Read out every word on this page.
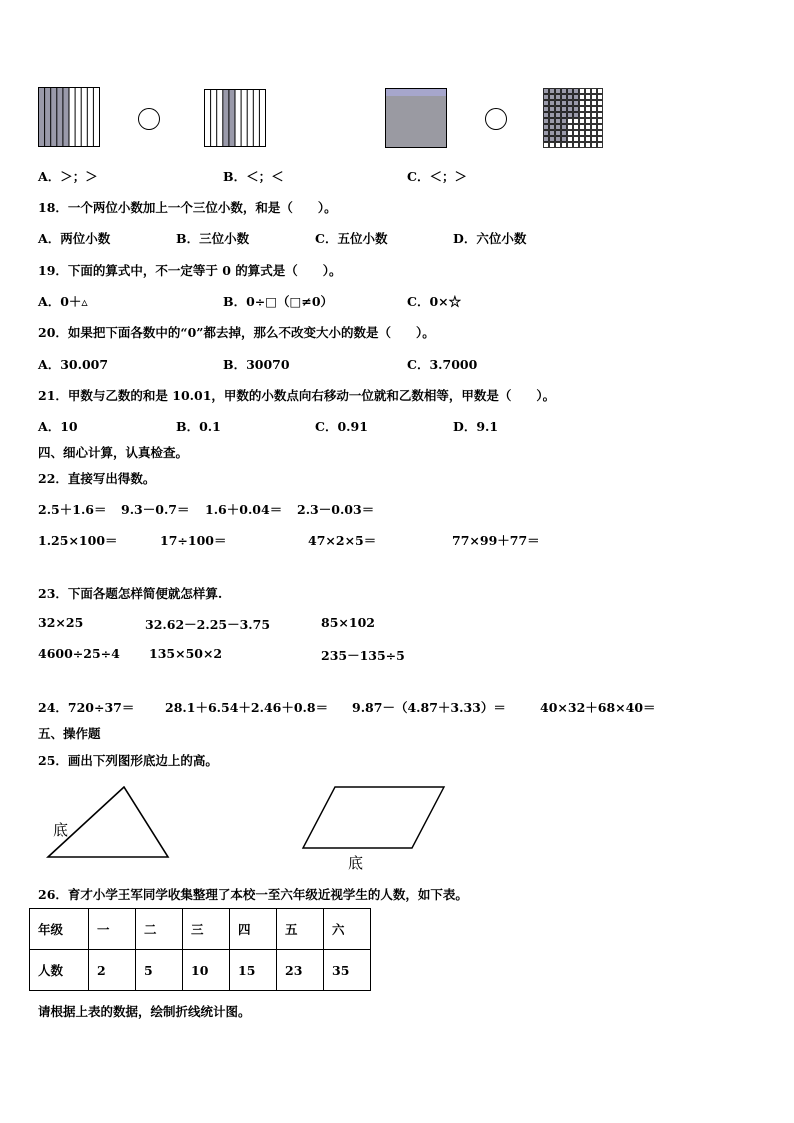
A．＞；＞	B．＜；＜	C．＜；＞
18．一个两位小数加上一个三位小数，和是（　　）。
A．两位小数	B．三位小数	C．五位小数	D．六位小数
19．下面的算式中，不一定等于 0 的算式是（　　）。
A．0＋▵	B．0÷□（□≠0）	C．0×☆
20．如果把下面各数中的“0”都去掉，那么不改变大小的数是（　　）。
A．30.007	B．30070	C．3.7000
21．甲数与乙数的和是 10.01，甲数的小数点向右移动一位就和乙数相等，甲数是（　　）。
A．10	B．0.1	C．0.91	D．9.1
四、细心计算，认真检查。
22．直接写出得数。
2.5＋1.6＝ 9.3－0.7＝ 1.6＋0.04＝ 2.3－0.03＝
1.25×100＝	17÷100＝	47×2×5＝	77×99＋77＝
23．下面各题怎样简便就怎样算.
32×25	32.62－2.25－3.75	85×102
4600÷25÷4 135×50×2	235－135÷5
24．720÷37＝ 28.1＋6.54＋2.46＋0.8＝ 9.87－（4.87＋3.33）＝	40×32＋68×40＝
五、操作题
25．画出下列图形底边上的高。
底
底
26．育才小学王军同学收集整理了本校一至六年级近视学生的人数，如下表。
年级	一	二	三	四	五	六
人数	2	5	10	15	23	35
请根据上表的数据，绘制折线统计图。
